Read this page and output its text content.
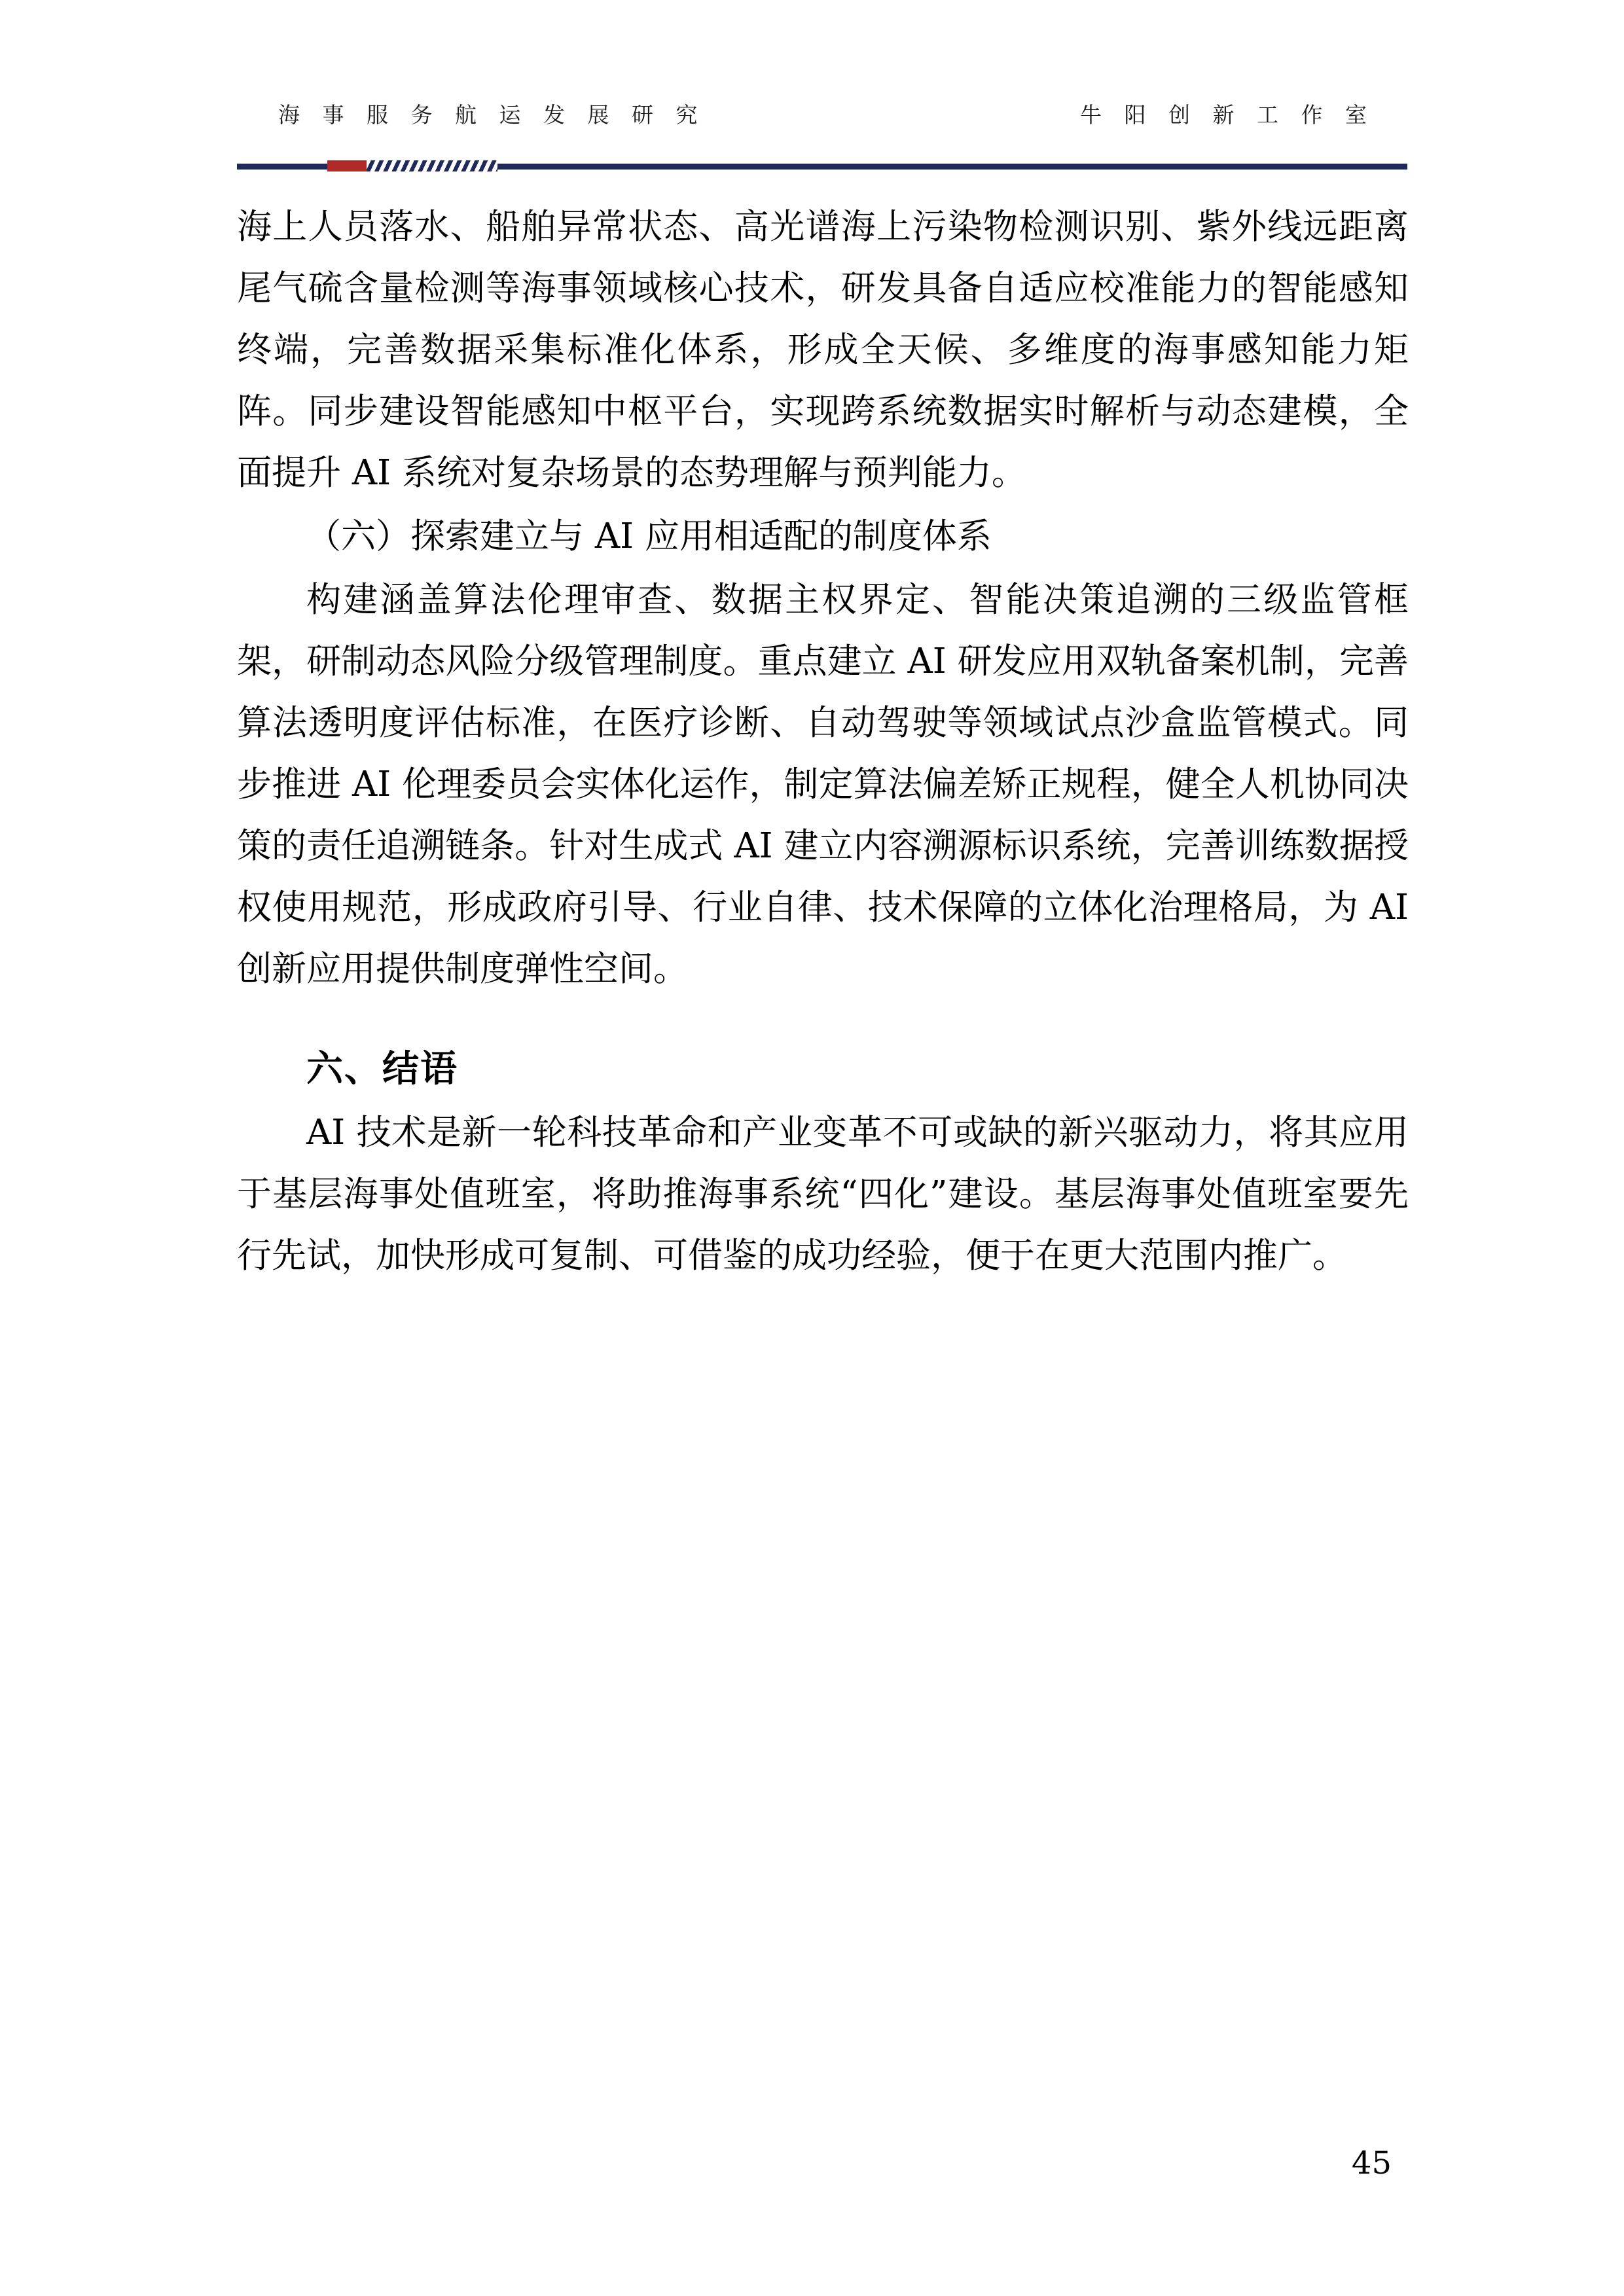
海 事 服 务 航 运 发 展 研 究	牛 阳 创 新 工 作 室

海上人员落水、船舶异常状态、高光谱海上污染物检测识别、紫外线远距离尾气硫含量检测等海事领域核心技术，研发具备自适应校准能力的智能感知终端，完善数据采集标准化体系，形成全天候、多维度的海事感知能力矩阵。同步建设智能感知中枢平台，实现跨系统数据实时解析与动态建模，全面提升 AI 系统对复杂场景的态势理解与预判能力。

（六）探索建立与 AI 应用相适配的制度体系

构建涵盖算法伦理审查、数据主权界定、智能决策追溯的三级监管框架，研制动态风险分级管理制度。重点建立 AI 研发应用双轨备案机制，完善算法透明度评估标准，在医疗诊断、自动驾驶等领域试点沙盒监管模式。同步推进 AI 伦理委员会实体化运作，制定算法偏差矫正规程，健全人机协同决策的责任追溯链条。针对生成式 AI 建立内容溯源标识系统，完善训练数据授权使用规范，形成政府引导、行业自律、技术保障的立体化治理格局，为 AI 创新应用提供制度弹性空间。

六、结语

AI 技术是新一轮科技革命和产业变革不可或缺的新兴驱动力，将其应用于基层海事处值班室，将助推海事系统“四化”建设。基层海事处值班室要先行先试，加快形成可复制、可借鉴的成功经验，便于在更大范围内推广。

45
